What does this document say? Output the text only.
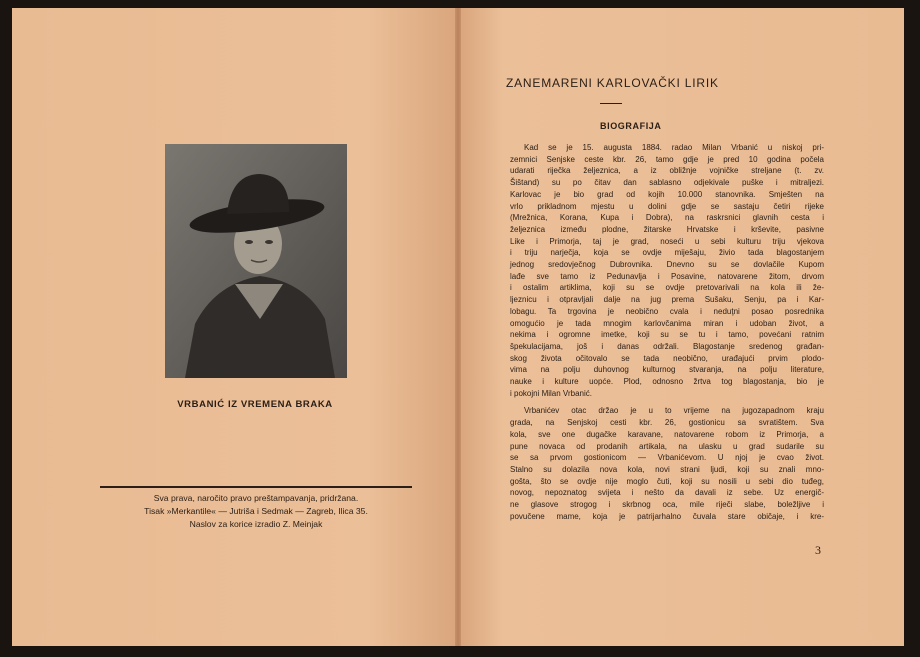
VRBANIĆ IZ VREMENA BRAKA
Sva prava, naročito pravo preštampavanja, pridržana.
Tisak »Merkantile« — Jutriša i Sedmak — Zagreb, Ilica 35.
Naslov za korice izradio Z. Meinjak
ZANEMARENI KARLOVAČKI LIRIK
BIOGRAFIJA
Kad se je 15. augusta 1884. radao Milan Vrbanić u niskoj pri-
zemnici Senjske ceste kbr. 26, tamo gdje je pred 10 godina počela
udarati riječka željeznica, a iz obližnje vojničke streljane (t. zv.
Šištand) su po čitav dan sablasno odjekivale puške i mitraljezi.
Karlovac je bio grad od kojih 10.000 stanovnika. Smješten na
vrlo prikladnom mjestu u dolini gdje se sastaju četiri rijeke
(Mrežnica, Korana, Kupa i Dobra), na raskrsnici glavnih cesta i
željeznica između plodne, žitarske Hrvatske i krševite, pasivne
Like i Primorja, taj je grad, noseći u sebi kulturu triju vjekova
i triju narječja, koja se ovdje miješaju, živio tada blagostanjem
jednog sredovječnog Dubrovnika. Dnevno su se dovlačile Kupom
lađe sve tamo iz Pedunavlja i Posavine, natovarene žitom, drvom
i ostalim artiklima, koji su se ovdje pretovarivali na kola ili že-
ljeznicu i otpravljali dalje na jug prema Sušaku, Senju, pa i Kar-
lobagu. Ta trgovina je neobično cvala i neduţni posao posrednika
omogućio je tada mnogim karlovčanima miran i udoban život, a
nekima i ogromne imetke, koji su se tu i tamo, povećani ratnim
špekulacijama, još i danas održali. Blagostanje sredenog građan-
skog života očitovalo se tada neobično, urađajući prvim plodo-
vima na polju duhovnog kulturnog stvaranja, na polju literature,
nauke i kulture uopće. Plod, odnosno žrtva tog blagostanja, bio je
i pokojni Milan Vrbanić.
Vrbanićev otac držao je u to vrijeme na jugozapadnom kraju
grada, na Senjskoj cesti kbr. 26, gostionicu sa svratištem. Sva
kola, sve one dugačke karavane, natovarene robom iz Primorja, a
pune novaca od prodanih artikala, na ulasku u grad sudarile su
se sa prvom gostionicom — Vrbanićevom. U njoj je cvao život.
Stalno su dolazila nova kola, novi strani ljudi, koji su znali mno-
gošta, što se ovdje nije moglo čuti, koji su nosili u sebi dio tuđeg,
novog, nepoznatog svijeta i nešto da davali iz sebe. Uz energič-
ne glasove strogog i skrbnog oca, mile riječi slabe, boležljive i
povučene mame, koja je patrijarhalno čuvala stare običaje, i kre-
3
